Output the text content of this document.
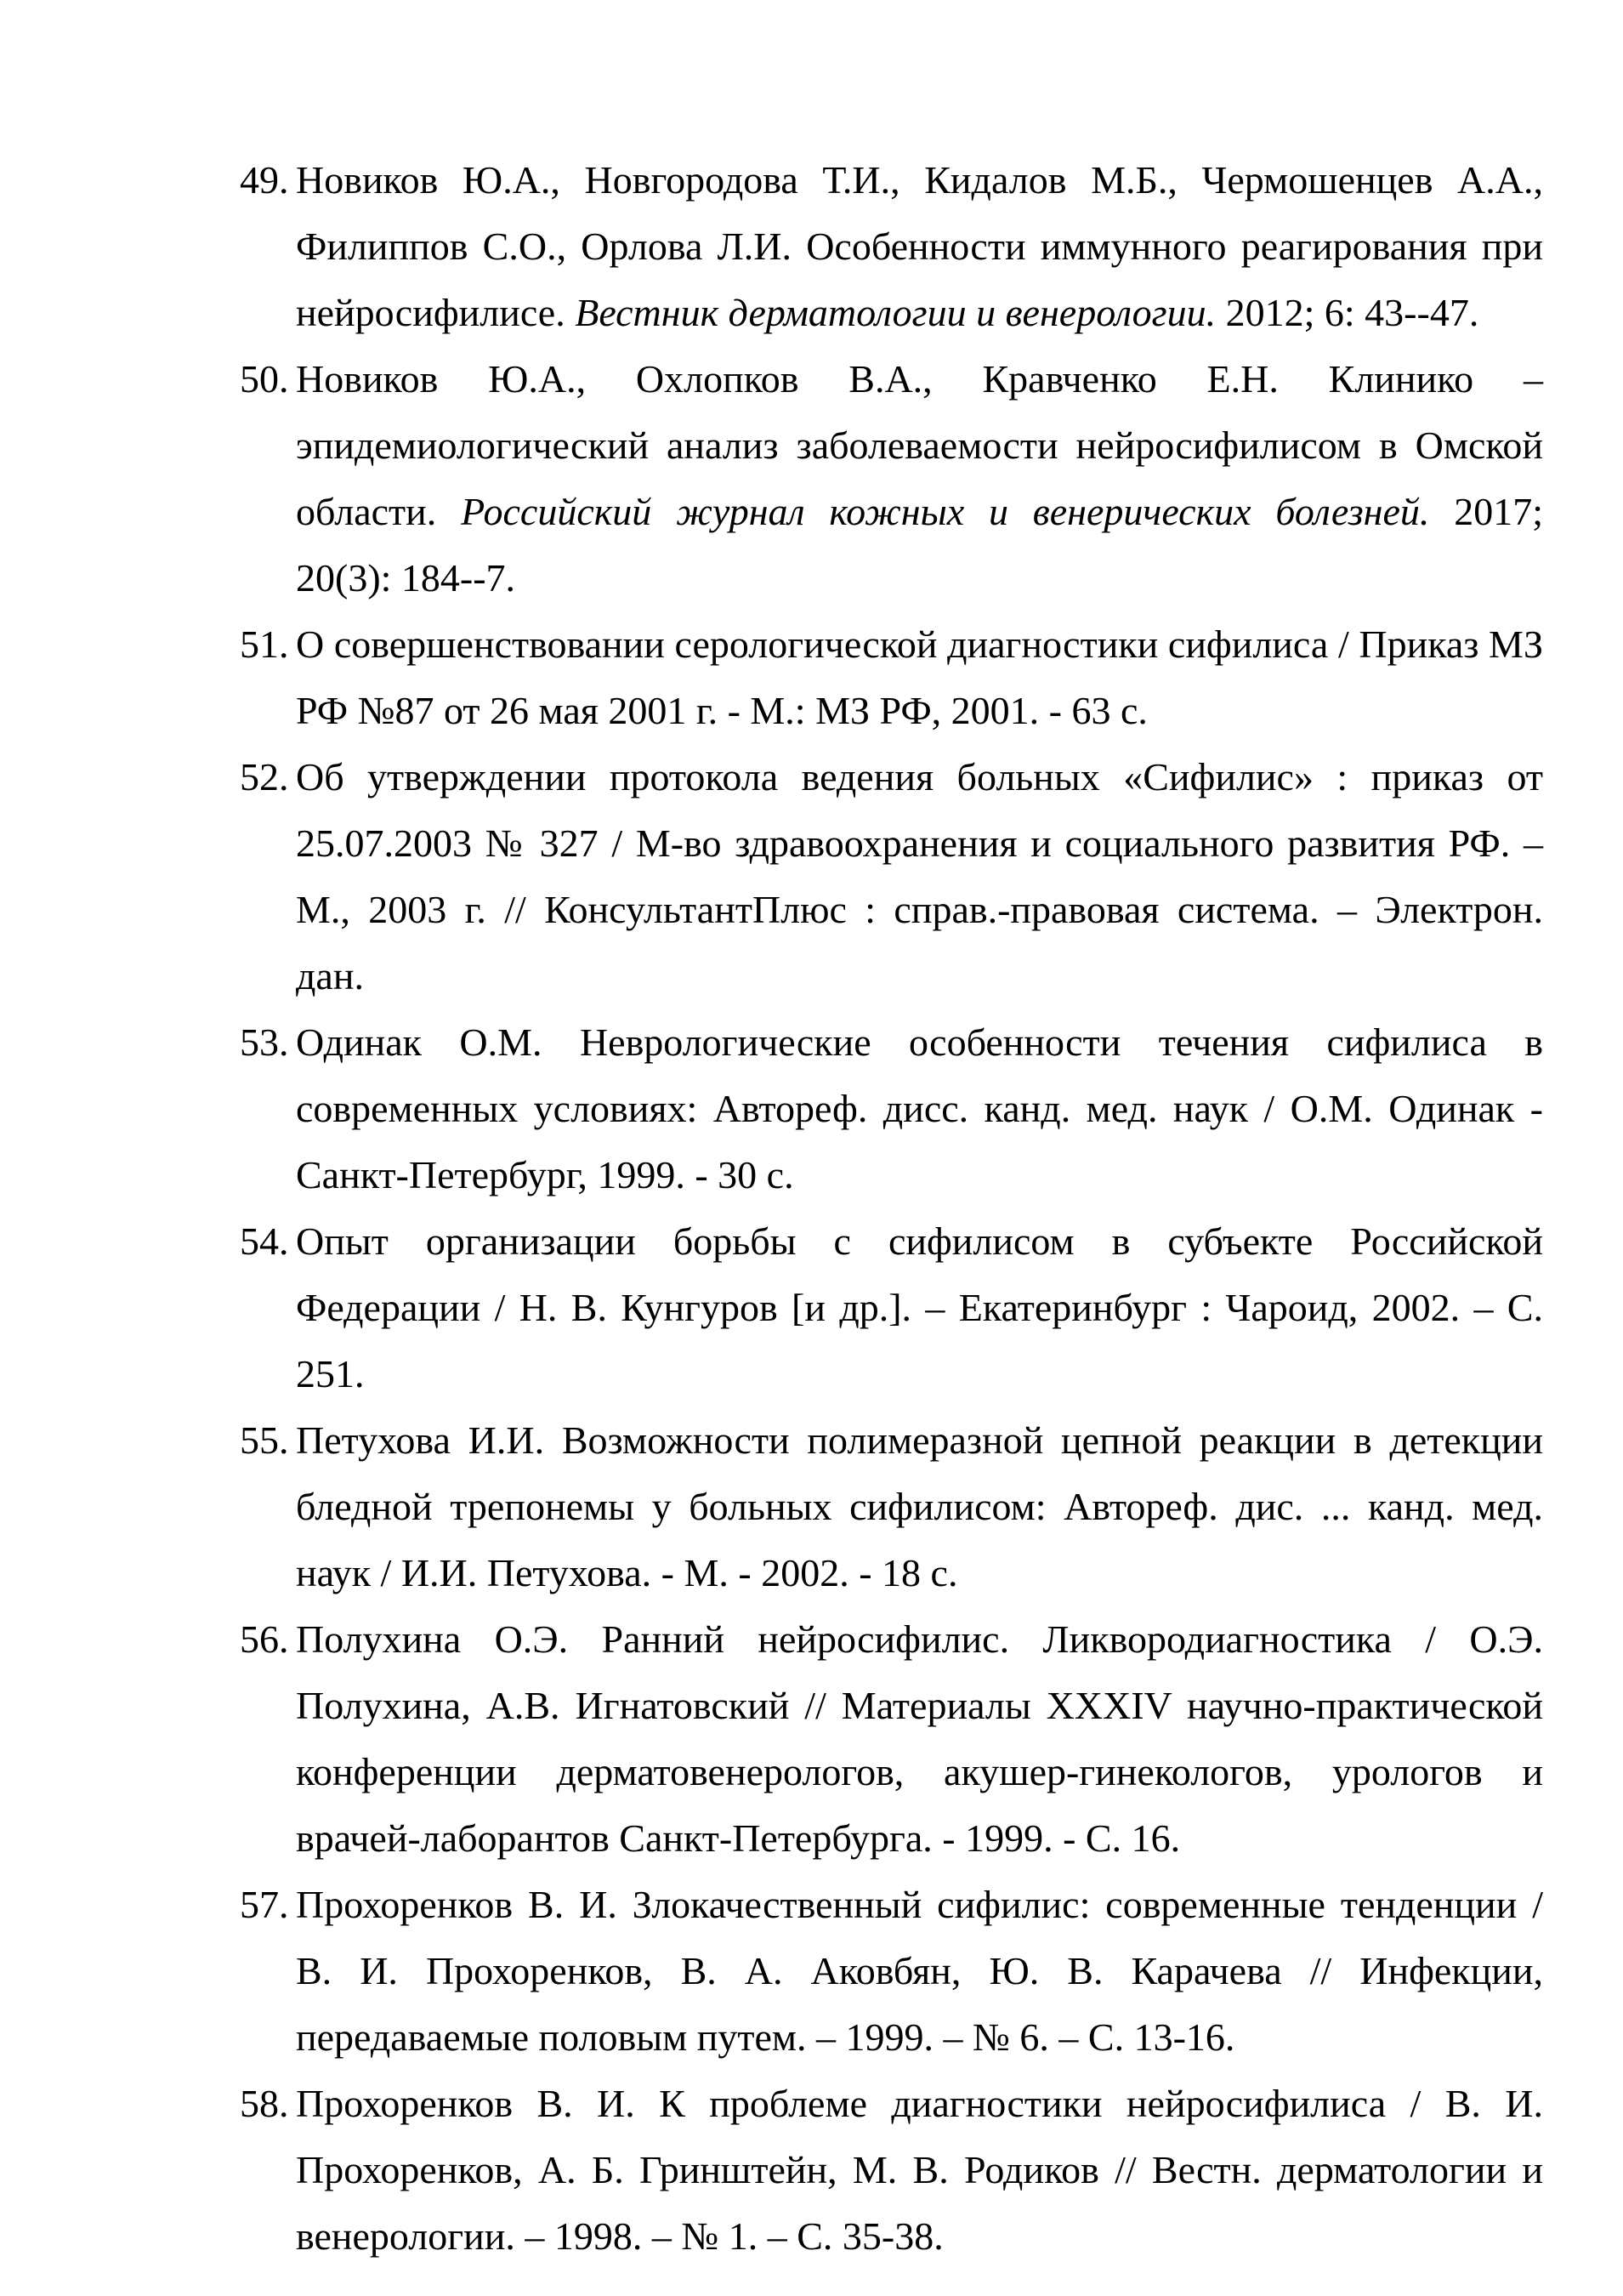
49. Новиков Ю.А., Новгородова Т.И., Кидалов М.Б., Чермошенцев А.А., Филиппов С.О., Орлова Л.И. Особенности иммунного реагирования при нейросифилисе. Вестник дерматологии и венерологии. 2012; 6: 43--47.
50. Новиков Ю.А., Охлопков В.А., Кравченко Е.Н. Клинико – эпидемиологический анализ заболеваемости нейросифилисом в Омской области. Российский журнал кожных и венерических болезней. 2017; 20(3): 184--7.
51. О совершенствовании серологической диагностики сифилиса / Приказ МЗ РФ №87 от 26 мая 2001 г. - М.: МЗ РФ, 2001. - 63 с.
52. Об утверждении протокола ведения больных «Сифилис» : приказ от 25.07.2003 № 327 / М-во здравоохранения и социального развития РФ. – М., 2003 г. // КонсультантПлюс : справ.-правовая система. – Электрон. дан.
53. Одинак О.М. Неврологические особенности течения сифилиса в современных условиях: Автореф. дисс. канд. мед. наук / О.М. Одинак - Санкт-Петербург, 1999. - 30 с.
54. Опыт организации борьбы с сифилисом в субъекте Российской Федерации / Н. В. Кунгуров [и др.]. – Екатеринбург : Чароид, 2002. – С. 251.
55. Петухова И.И. Возможности полимеразной цепной реакции в детекции бледной трепонемы у больных сифилисом: Автореф. дис. ... канд. мед. наук / И.И. Петухова. - М. - 2002. - 18 с.
56. Полухина О.Э. Ранний нейросифилис. Ликвородиагностика / О.Э. Полухина, А.В. Игнатовский // Материалы XXXIV научно-практической конференции дерматовенерологов, акушер-гинекологов, урологов и врачей-лаборантов Санкт-Петербурга. - 1999. - С. 16.
57. Прохоренков В. И. Злокачественный сифилис: современные тенденции / В. И. Прохоренков, В. А. Аковбян, Ю. В. Карачева // Инфекции, передаваемые половым путем. – 1999. – № 6. – С. 13-16.
58. Прохоренков В. И. К проблеме диагностики нейросифилиса / В. И. Прохоренков, А. Б. Гринштейн, М. В. Родиков // Вестн. дерматологии и венерологии. – 1998. – № 1. – С. 35-38.
